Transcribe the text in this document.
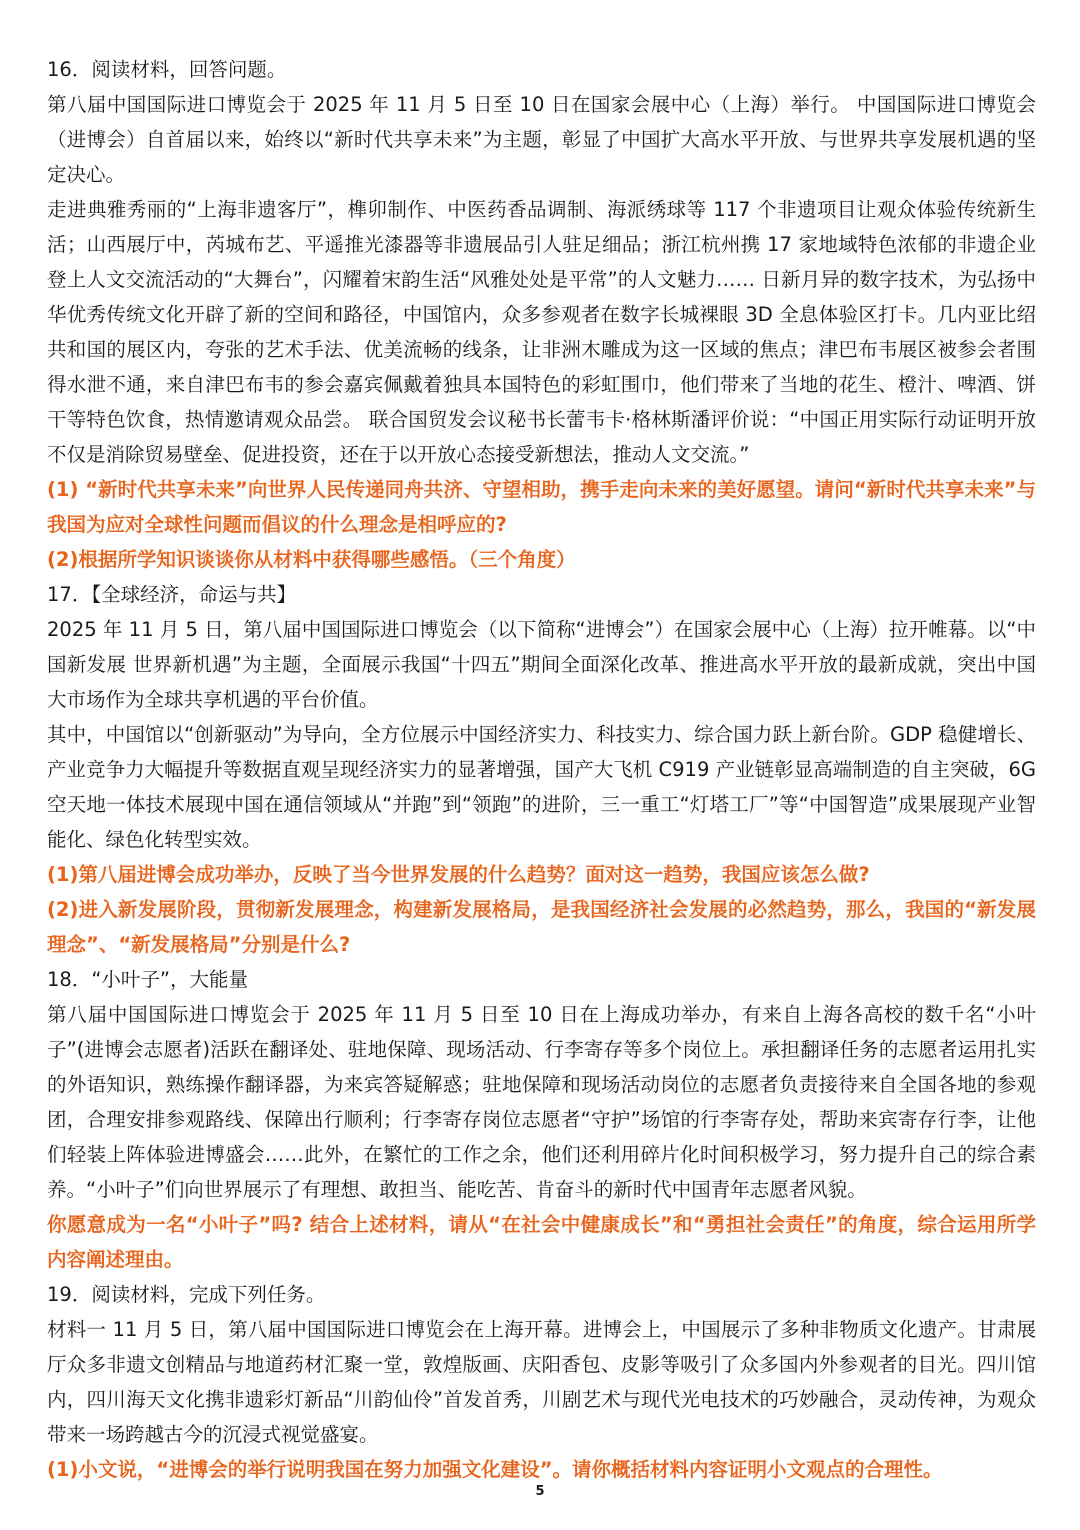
16．阅读材料，回答问题。

第八届中国国际进口博览会于 2025 年 11 月 5 日至 10 日在国家会展中心（上海）举行。 中国国际进口博览会（进博会）自首届以来，始终以“新时代共享未来”为主题，彰显了中国扩大高水平开放、与世界共享发展机遇的坚定决心。

走进典雅秀丽的“上海非遗客厅”，榫卯制作、中医药香品调制、海派绣球等 117 个非遗项目让观众体验传统新生活；山西展厅中，芮城布艺、平遥推光漆器等非遗展品引人驻足细品；浙江杭州携 17 家地域特色浓郁的非遗企业登上人文交流活动的“大舞台”，闪耀着宋韵生活“风雅处处是平常”的人文魅力…… 日新月异的数字技术，为弘扬中华优秀传统文化开辟了新的空间和路径，中国馆内，众多参观者在数字长城裸眼 3D 全息体验区打卡。几内亚比绍共和国的展区内，夸张的艺术手法、优美流畅的线条，让非洲木雕成为这一区域的焦点；津巴布韦展区被参会者围得水泄不通，来自津巴布韦的参会嘉宾佩戴着独具本国特色的彩虹围巾，他们带来了当地的花生、橙汁、啤酒、饼干等特色饮食，热情邀请观众品尝。 联合国贸发会议秘书长蕾韦卡·格林斯潘评价说：“中国正用实际行动证明开放不仅是消除贸易壁垒、促进投资，还在于以开放心态接受新想法，推动人文交流。”

(1) “新时代共享未来”向世界人民传递同舟共济、守望相助，携手走向未来的美好愿望。请问“新时代共享未来”与我国为应对全球性问题而倡议的什么理念是相呼应的?

(2)根据所学知识谈谈你从材料中获得哪些感悟。（三个角度）

17．【全球经济，命运与共】

2025 年 11 月 5 日，第八届中国国际进口博览会（以下简称“进博会”）在国家会展中心（上海）拉开帷幕。以“中国新发展 世界新机遇”为主题，全面展示我国“十四五”期间全面深化改革、推进高水平开放的最新成就，突出中国大市场作为全球共享机遇的平台价值。

其中，中国馆以“创新驱动”为导向，全方位展示中国经济实力、科技实力、综合国力跃上新台阶。GDP 稳健增长、产业竞争力大幅提升等数据直观呈现经济实力的显著增强，国产大飞机 C919 产业链彰显高端制造的自主突破，6G 空天地一体技术展现中国在通信领域从“并跑”到“领跑”的进阶，三一重工“灯塔工厂”等“中国智造”成果展现产业智能化、绿色化转型实效。

(1)第八届进博会成功举办，反映了当今世界发展的什么趋势？面对这一趋势，我国应该怎么做?

(2)进入新发展阶段，贯彻新发展理念，构建新发展格局，是我国经济社会发展的必然趋势，那么，我国的“新发展理念”、“新发展格局”分别是什么?

18．“小叶子”，大能量

第八届中国国际进口博览会于 2025 年 11 月 5 日至 10 日在上海成功举办，有来自上海各高校的数千名“小叶子”(进博会志愿者)活跃在翻译处、驻地保障、现场活动、行李寄存等多个岗位上。承担翻译任务的志愿者运用扎实的外语知识，熟练操作翻译器，为来宾答疑解惑；驻地保障和现场活动岗位的志愿者负责接待来自全国各地的参观团，合理安排参观路线、保障出行顺利；行李寄存岗位志愿者“守护”场馆的行李寄存处，帮助来宾寄存行李，让他们轻装上阵体验进博盛会……此外，在繁忙的工作之余，他们还利用碎片化时间积极学习，努力提升自己的综合素养。“小叶子”们向世界展示了有理想、敢担当、能吃苦、肯奋斗的新时代中国青年志愿者风貌。

你愿意成为一名“小叶子”吗? 结合上述材料，请从“在社会中健康成长”和“勇担社会责任”的角度，综合运用所学内容阐述理由。

19．阅读材料，完成下列任务。

材料一 11 月 5 日，第八届中国国际进口博览会在上海开幕。进博会上，中国展示了多种非物质文化遗产。甘肃展厅众多非遗文创精品与地道药材汇聚一堂，敦煌版画、庆阳香包、皮影等吸引了众多国内外参观者的目光。四川馆内，四川海天文化携非遗彩灯新品“川韵仙伶”首发首秀，川剧艺术与现代光电技术的巧妙融合，灵动传神，为观众带来一场跨越古今的沉浸式视觉盛宴。

(1)小文说，“进博会的举行说明我国在努力加强文化建设”。请你概括材料内容证明小文观点的合理性。

5
